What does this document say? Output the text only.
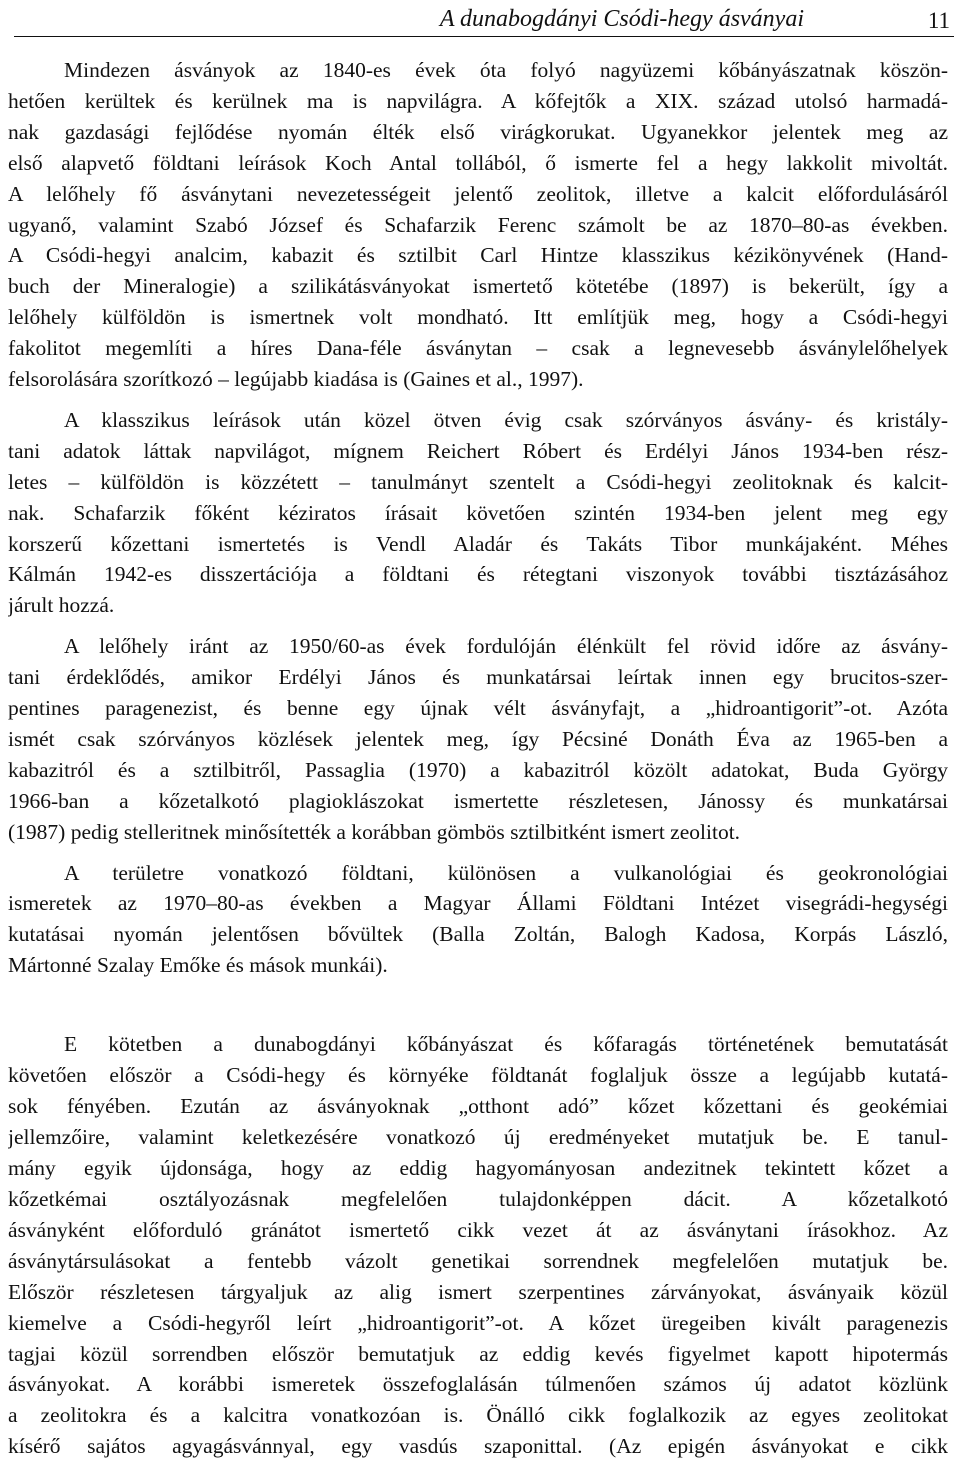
A dunabogdányi Csódi-hegy ásványai	11
Mindezen ásványok az 1840-es évek óta folyó nagyüzemi kőbányászatnak köszön-
hetően kerültek és kerülnek ma is napvilágra. A kőfejtők a XIX. század utolsó harmadá-
nak gazdasági fejlődése nyomán élték első virágkorukat. Ugyanekkor jelentek meg az
első alapvető földtani leírások Koch Antal tollából, ő ismerte fel a hegy lakkolit mivoltát.
A lelőhely fő ásványtani nevezetességeit jelentő zeolitok, illetve a kalcit előfordulásáról
ugyanő, valamint Szabó József és Schafarzik Ferenc számolt be az 1870–80-as években.
A Csódi-hegyi analcim, kabazit és sztilbit Carl Hintze klasszikus kézikönyvének (Hand-
buch der Mineralogie) a szilikátásványokat ismertető kötetébe (1897) is bekerült, így a
lelőhely külföldön is ismertnek volt mondható. Itt említjük meg, hogy a Csódi-hegyi
fakolitot megemlíti a híres Dana-féle ásványtan – csak a legnevesebb ásványlelőhelyek
felsorolására szorítkozó – legújabb kiadása is (Gaines et al., 1997).
A klasszikus leírások után közel ötven évig csak szórványos ásvány- és kristály-
tani adatok láttak napvilágot, mígnem Reichert Róbert és Erdélyi János 1934-ben rész-
letes – külföldön is közzétett – tanulmányt szentelt a Csódi-hegyi zeolitoknak és kalcit-
nak. Schafarzik főként kéziratos írásait követően szintén 1934-ben jelent meg egy
korszerű kőzettani ismertetés is Vendl Aladár és Takáts Tibor munkájaként. Méhes
Kálmán 1942-es disszertációja a földtani és rétegtani viszonyok további tisztázásához
járult hozzá.
A lelőhely iránt az 1950/60-as évek fordulóján élénkült fel rövid időre az ásvány-
tani érdeklődés, amikor Erdélyi János és munkatársai leírtak innen egy brucitos-szer-
pentines paragenezist, és benne egy újnak vélt ásványfajt, a „hidroantigorit”-ot. Azóta
ismét csak szórványos közlések jelentek meg, így Pécsiné Donáth Éva az 1965-ben a
kabazitról és a sztilbitről, Passaglia (1970) a kabazitról közölt adatokat, Buda György
1966-ban a kőzetalkotó plagioklászokat ismertette részletesen, Jánossy és munkatársai
(1987) pedig stelleritnek minősítették a korábban gömbös sztilbitként ismert zeolitot.
A területre vonatkozó földtani, különösen a vulkanológiai és geokronológiai
ismeretek az 1970–80-as években a Magyar Állami Földtani Intézet visegrádi-hegységi
kutatásai nyomán jelentősen bővültek (Balla Zoltán, Balogh Kadosa, Korpás László,
Mártonné Szalay Emőke és mások munkái).
E kötetben a dunabogdányi kőbányászat és kőfaragás történetének bemutatását
követően először a Csódi-hegy és környéke földtanát foglaljuk össze a legújabb kutatá-
sok fényében. Ezután az ásványoknak „otthont adó” kőzet kőzettani és geokémiai
jellemzőire, valamint keletkezésére vonatkozó új eredményeket mutatjuk be. E tanul-
mány egyik újdonsága, hogy az eddig hagyományosan andezitnek tekintett kőzet a
kőzetkémai osztályozásnak megfelelően tulajdonképpen dácit. A kőzetalkotó
ásványként előforduló gránátot ismertető cikk vezet át az ásványtani írásokhoz. Az
ásványtársulásokat a fentebb vázolt genetikai sorrendnek megfelelően mutatjuk be.
Először részletesen tárgyaljuk az alig ismert szerpentines zárványokat, ásványaik közül
kiemelve a Csódi-hegyről leírt „hidroantigorit”-ot. A kőzet üregeiben kivált paragenezis
tagjai közül sorrendben először bemutatjuk az eddig kevés figyelmet kapott hipotermás
ásványokat. A korábbi ismeretek összefoglalásán túlmenően számos új adatot közlünk
a zeolitokra és a kalcitra vonatkozóan is. Önálló cikk foglalkozik az egyes zeolitokat
kísérő sajátos agyagásvánnyal, egy vasdús szaponittal. (Az epigén ásványokat e cikk
